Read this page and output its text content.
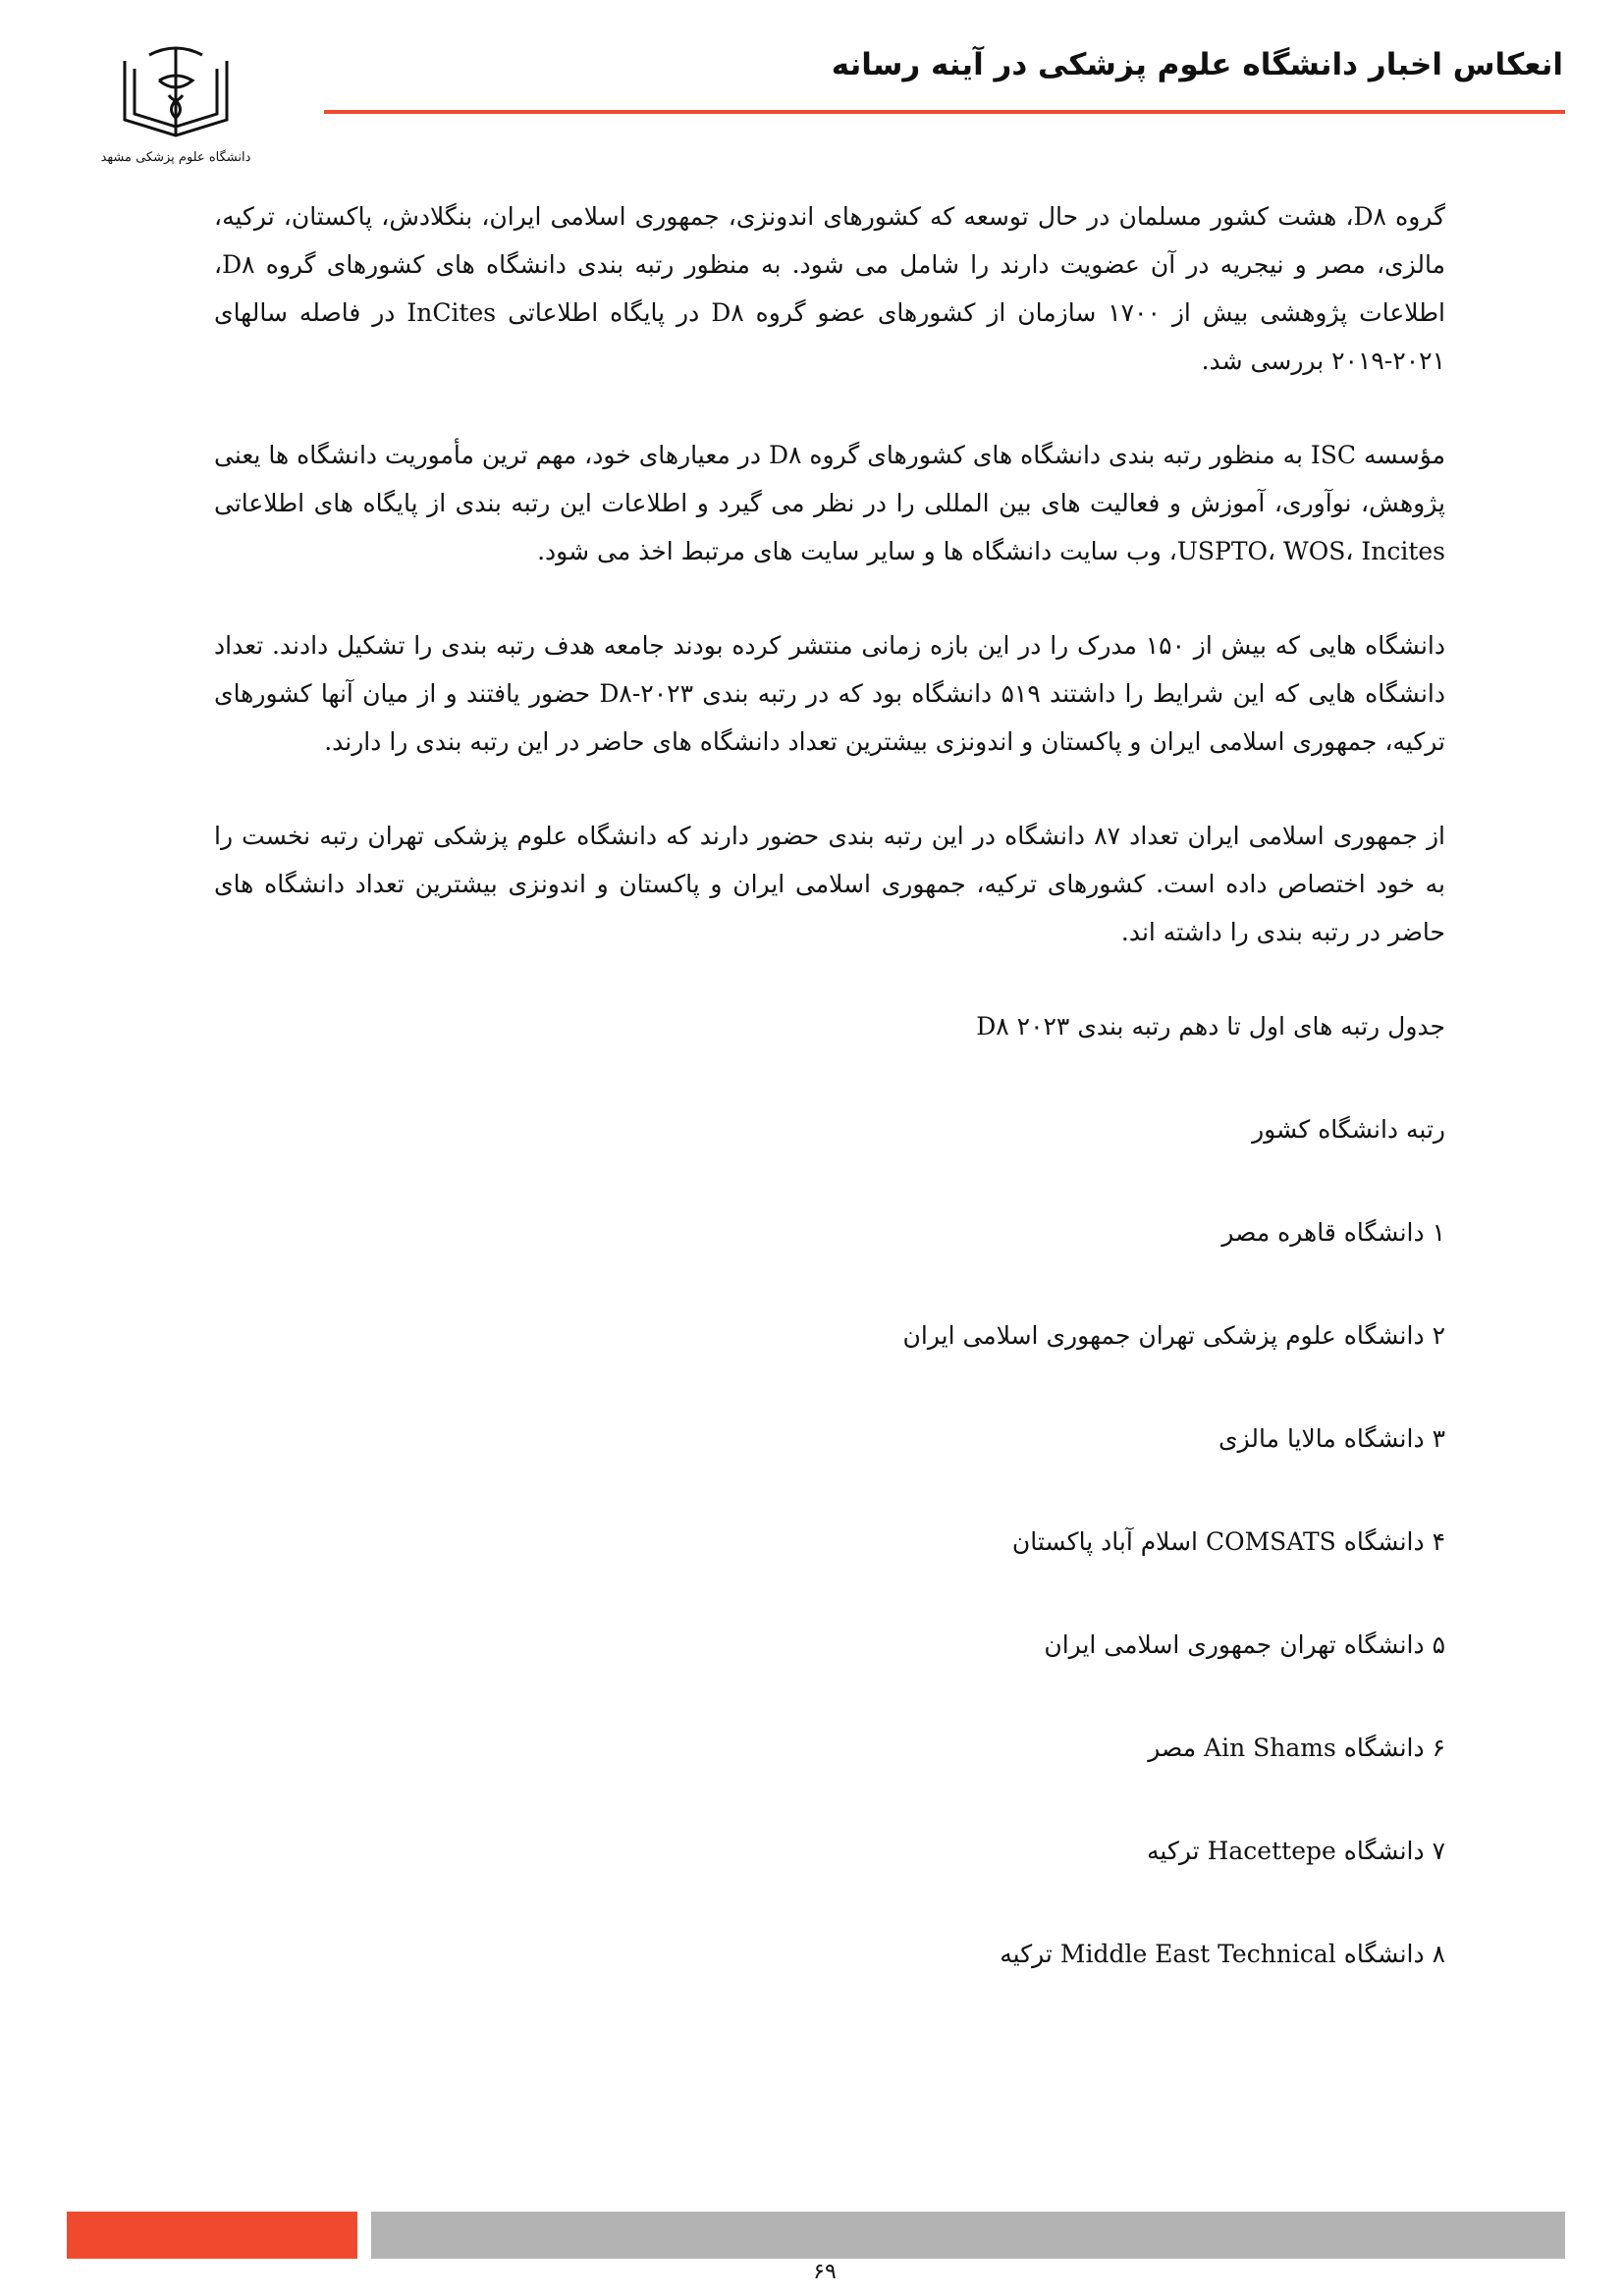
دانشگاه علوم پزشکی مشهد
انعکاس اخبار دانشگاه علوم پزشکی در آینه رسانه

گروه D۸، هشت کشور مسلمان در حال توسعه که کشورهای اندونزی، جمهوری اسلامی ایران، بنگلادش، پاکستان، ترکیه، مالزی، مصر و نیجریه در آن عضویت دارند را شامل می شود. به منظور رتبه بندی دانشگاه های کشورهای گروه D۸، اطلاعات پژوهشی بیش از ۱۷۰۰ سازمان از کشورهای عضو گروه D۸ در پایگاه اطلاعاتی InCites در فاصله سالهای ۲۰۲۱-۲۰۱۹ بررسی شد.

مؤسسه ISC به منظور رتبه بندی دانشگاه های کشورهای گروه D۸ در معیارهای خود، مهم ترین مأموریت دانشگاه ها یعنی پژوهش، نوآوری، آموزش و فعالیت های بین المللی را در نظر می گیرد و اطلاعات این رتبه بندی از پایگاه های اطلاعاتی USPTO، WOS، Incites، وب سایت دانشگاه ها و سایر سایت های مرتبط اخذ می شود.

دانشگاه هایی که بیش از ۱۵۰ مدرک را در این بازه زمانی منتشر کرده بودند جامعه هدف رتبه بندی را تشکیل دادند. تعداد دانشگاه هایی که این شرایط را داشتند ۵۱۹ دانشگاه بود که در رتبه بندی D۸-۲۰۲۳ حضور یافتند و از میان آنها کشورهای ترکیه، جمهوری اسلامی ایران و پاکستان و اندونزی بیشترین تعداد دانشگاه های حاضر در این رتبه بندی را دارند.

از جمهوری اسلامی ایران تعداد ۸۷ دانشگاه در این رتبه بندی حضور دارند که دانشگاه علوم پزشکی تهران رتبه نخست را به خود اختصاص داده است. کشورهای ترکیه، جمهوری اسلامی ایران و پاکستان و اندونزی بیشترین تعداد دانشگاه های حاضر در رتبه بندی را داشته اند.

جدول رتبه های اول تا دهم رتبه بندی D۸ ۲۰۲۳
رتبه دانشگاه کشور
۱ دانشگاه قاهره مصر
۲ دانشگاه علوم پزشکی تهران جمهوری اسلامی ایران
۳ دانشگاه مالایا مالزی
۴ دانشگاه COMSATS اسلام آباد پاکستان
۵ دانشگاه تهران جمهوری اسلامی ایران
۶ دانشگاه Ain Shams مصر
۷ دانشگاه Hacettepe ترکیه
۸ دانشگاه Middle East Technical ترکیه
۶۹
